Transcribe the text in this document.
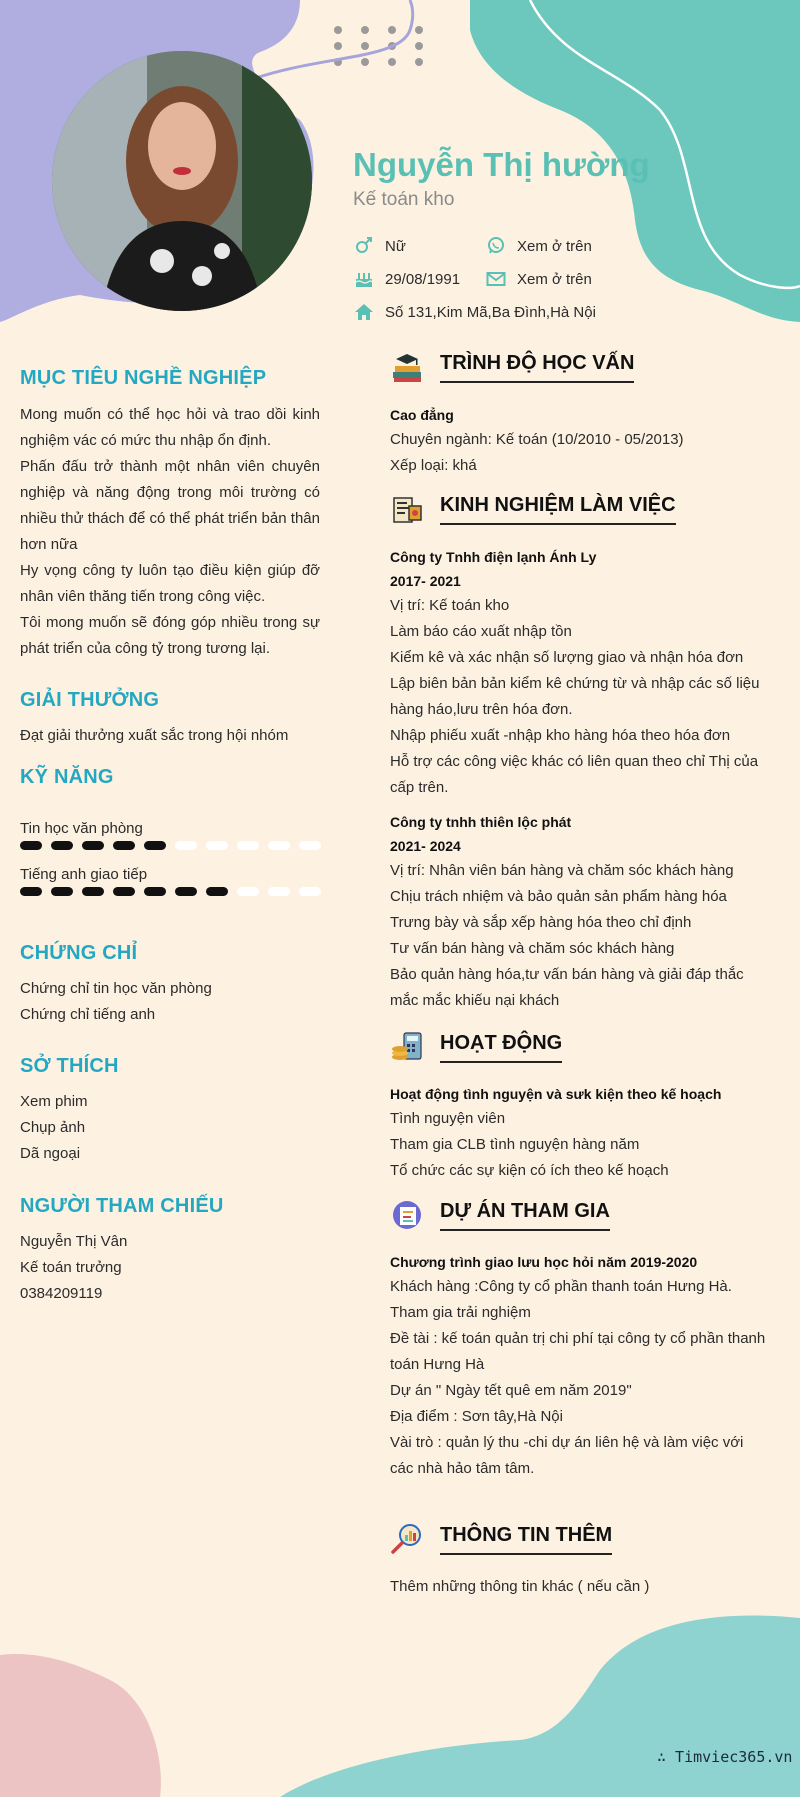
Nguyễn Thị hường
Kế toán kho
Nữ	Xem ở trên
29/08/1991	Xem ở trên
Số 131,Kim Mã,Ba Đình,Hà Nội
MỤC TIÊU NGHỀ NGHIỆP
Mong muốn có thể học hỏi và trao dồi kinh nghiệm vác có mức thu nhập ổn định.
Phấn đấu trở thành một nhân viên chuyên nghiệp và năng động trong môi trường có nhiều thử thách để có thể phát triển bản thân hơn nữa
Hy vọng công ty luôn tạo điều kiện giúp đỡ nhân viên thăng tiến trong công việc.
Tôi mong muốn sẽ đóng góp nhiều trong sự phát triển của công tỷ trong tương lại.
GIẢI THƯỞNG
Đạt giải thưởng xuất sắc trong hội nhóm
KỸ NĂNG
Tin học văn phòng
Tiếng anh giao tiếp
CHỨNG CHỈ
Chứng chỉ tin học văn phòng
Chứng chỉ tiếng anh
SỞ THÍCH
Xem phim
Chụp ảnh
Dã ngoại
NGƯỜI THAM CHIẾU
Nguyễn Thị Vân
Kế toán trưởng
0384209119
TRÌNH ĐỘ HỌC VẤN
Cao đẳng
Chuyên ngành: Kế toán (10/2010 - 05/2013)
Xếp loại: khá
KINH NGHIỆM LÀM VIỆC
Công ty Tnhh điện lạnh Ánh Ly
2017- 2021
Vị trí: Kế toán kho
Làm báo cáo xuất nhập tồn
Kiểm kê và xác nhận số lượng giao và nhận hóa đơn
Lập biên bản bản kiểm kê chứng từ và nhập các số liệu hàng háo,lưu trên hóa đơn.
Nhập phiếu xuất -nhập kho hàng hóa theo hóa đơn
Hỗ trợ các công việc khác có liên quan theo chỉ Thị của cấp trên.
Công ty tnhh thiên lộc phát
2021- 2024
Vị trí: Nhân viên bán hàng và chăm sóc khách hàng
Chịu trách nhiệm và bảo quản sản phẩm hàng hóa
Trưng bày và sắp xếp hàng hóa theo chỉ định
Tư vấn bán hàng và chăm sóc khách hàng
Bảo quản hàng hóa,tư vấn bán hàng và giải đáp thắc mắc mắc khiếu nại khách
HOẠT ĐỘNG
Hoạt động tình nguyện và sưk kiện theo kế hoạch
Tình nguyện viên
Tham gia CLB tình nguyện hàng năm
Tổ chức các sự kiện có ích theo kế hoạch
DỰ ÁN THAM GIA
Chương trình giao lưu học hỏi năm 2019-2020
Khách hàng :Công ty cổ phần thanh toán Hưng Hà.
Tham gia trải nghiệm
Đề tài : kế toán quản trị chi phí tại công ty cổ phần thanh toán Hưng Hà
Dự án " Ngày tết quê em năm 2019"
Địa điểm : Sơn tây,Hà Nội
Vài trò : quản lý thu -chi dự án liên hệ và làm việc với các nhà hảo tâm tâm.
THÔNG TIN THÊM
Thêm những thông tin khác ( nếu cần )
∴ Timviec365.vn
